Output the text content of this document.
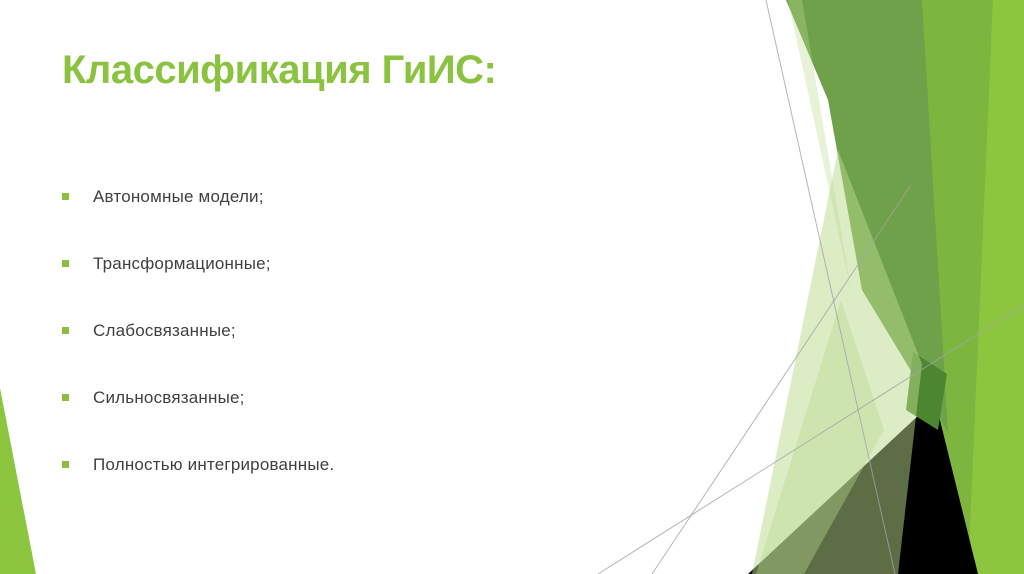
Классификация ГиИС:
Автономные модели;
Трансформационные;
Слабосвязанные;
Сильносвязанные;
Полностью интегрированные.
